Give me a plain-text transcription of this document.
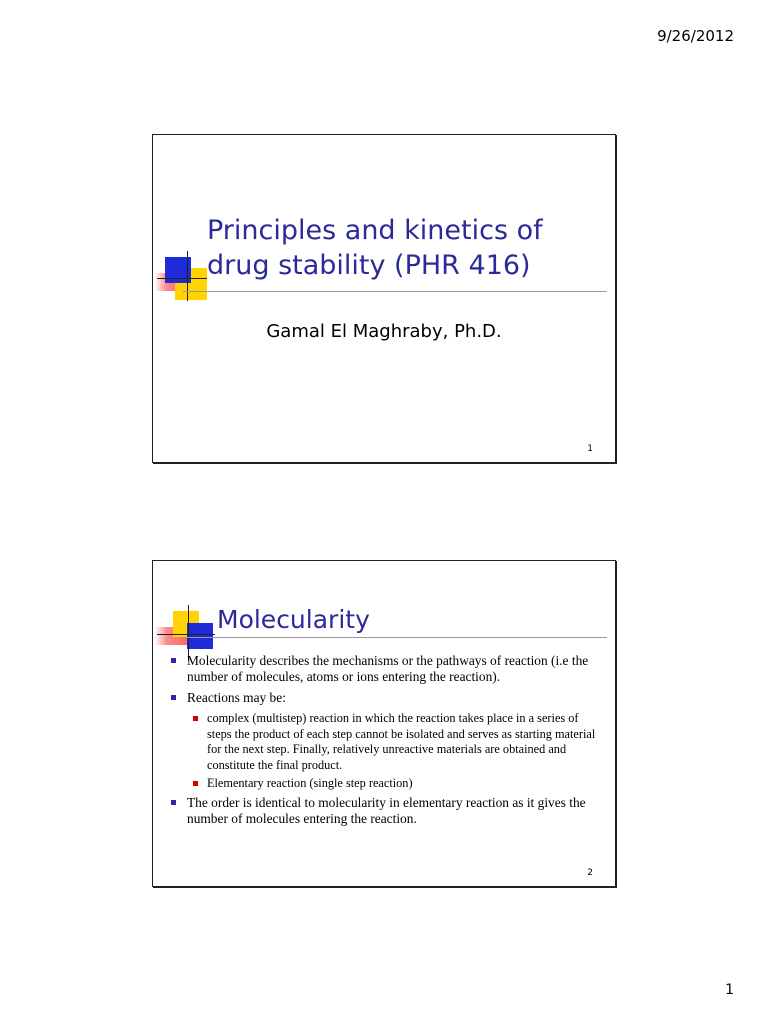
9/26/2012
Principles and kinetics of
drug stability (PHR 416)
Gamal El Maghraby, Ph.D.
1
Molecularity
Molecularity describes the mechanisms or the pathways of reaction (i.e the number of molecules, atoms or ions entering the reaction).
Reactions may be:
complex (multistep) reaction in which the reaction takes place in a series of steps the product of each step cannot be isolated and serves as starting material for the next step. Finally, relatively unreactive materials are obtained and constitute the final product.
Elementary reaction (single step reaction)
The order is identical to molecularity in elementary reaction as it gives the number of molecules entering the reaction.
2
1
